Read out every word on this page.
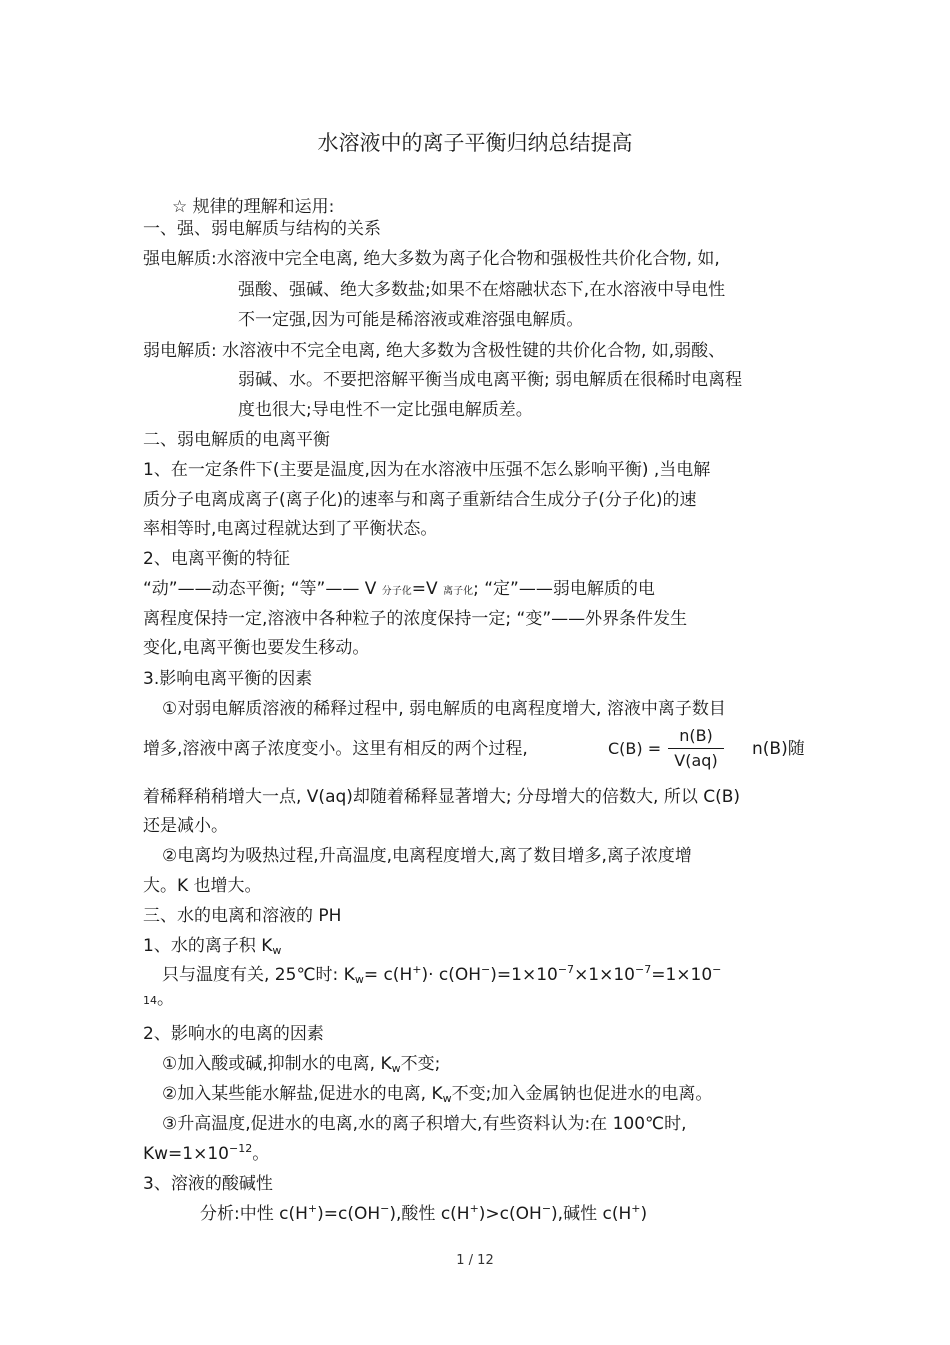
水溶液中的离子平衡归纳总结提高
☆ 规律的理解和运用:
一、强、弱电解质与结构的关系
强电解质:水溶液中完全电离, 绝大多数为离子化合物和强极性共价化合物, 如,
强酸、强碱、绝大多数盐;如果不在熔融状态下,在水溶液中导电性
不一定强,因为可能是稀溶液或难溶强电解质。
弱电解质: 水溶液中不完全电离, 绝大多数为含极性键的共价化合物, 如,弱酸、
弱碱、水。不要把溶解平衡当成电离平衡; 弱电解质在很稀时电离程
度也很大;导电性不一定比强电解质差。
二、弱电解质的电离平衡
1、在一定条件下(主要是温度,因为在水溶液中压强不怎么影响平衡) ,当电解
质分子电离成离子(离子化)的速率与和离子重新结合生成分子(分子化)的速
率相等时,电离过程就达到了平衡状态。
2、电离平衡的特征
“动”——动态平衡; “等”—— V 分子化=V 离子化; “定”——弱电解质的电
离程度保持一定,溶液中各种粒子的浓度保持一定; “变”——外界条件发生
变化,电离平衡也要发生移动。
3.影响电离平衡的因素
①对弱电解质溶液的稀释过程中, 弱电解质的电离程度增大, 溶液中离子数目
增多,溶液中离子浓度变小。这里有相反的两个过程,	$C(B) = \frac{n(B)}{V(aq)} n(B)$随
着稀释稍稍增大一点, V(aq)却随着稀释显著增大; 分母增大的倍数大, 所以 C(B)
还是减小。
②电离均为吸热过程,升高温度,电离程度增大,离了数目增多,离子浓度增
大。K 也增大。
三、水的电离和溶液的 PH
1、水的离子积 $K_w$
只与温度有关, 25℃时: $K_w= c(H^+)\cdot c(OH^-)=1\times 10^{-7}\times 1\times 10^{-7}=1\times 10^-$
14。
2、影响水的电离的因素
①加入酸或碱,抑制水的电离, $K_w$不变;
②加入某些能水解盐,促进水的电离, $K_w$不变;加入金属钠也促进水的电离。
③升高温度,促进水的电离,水的离子积增大,有些资料认为:在 100℃时,
$Kw=1\times 10^{-12}$。
3、溶液的酸碱性
分析:中性 c(H+)=c(OH−),酸性 c(H+)>c(OH−),碱性 c(H+)
1 / 12
